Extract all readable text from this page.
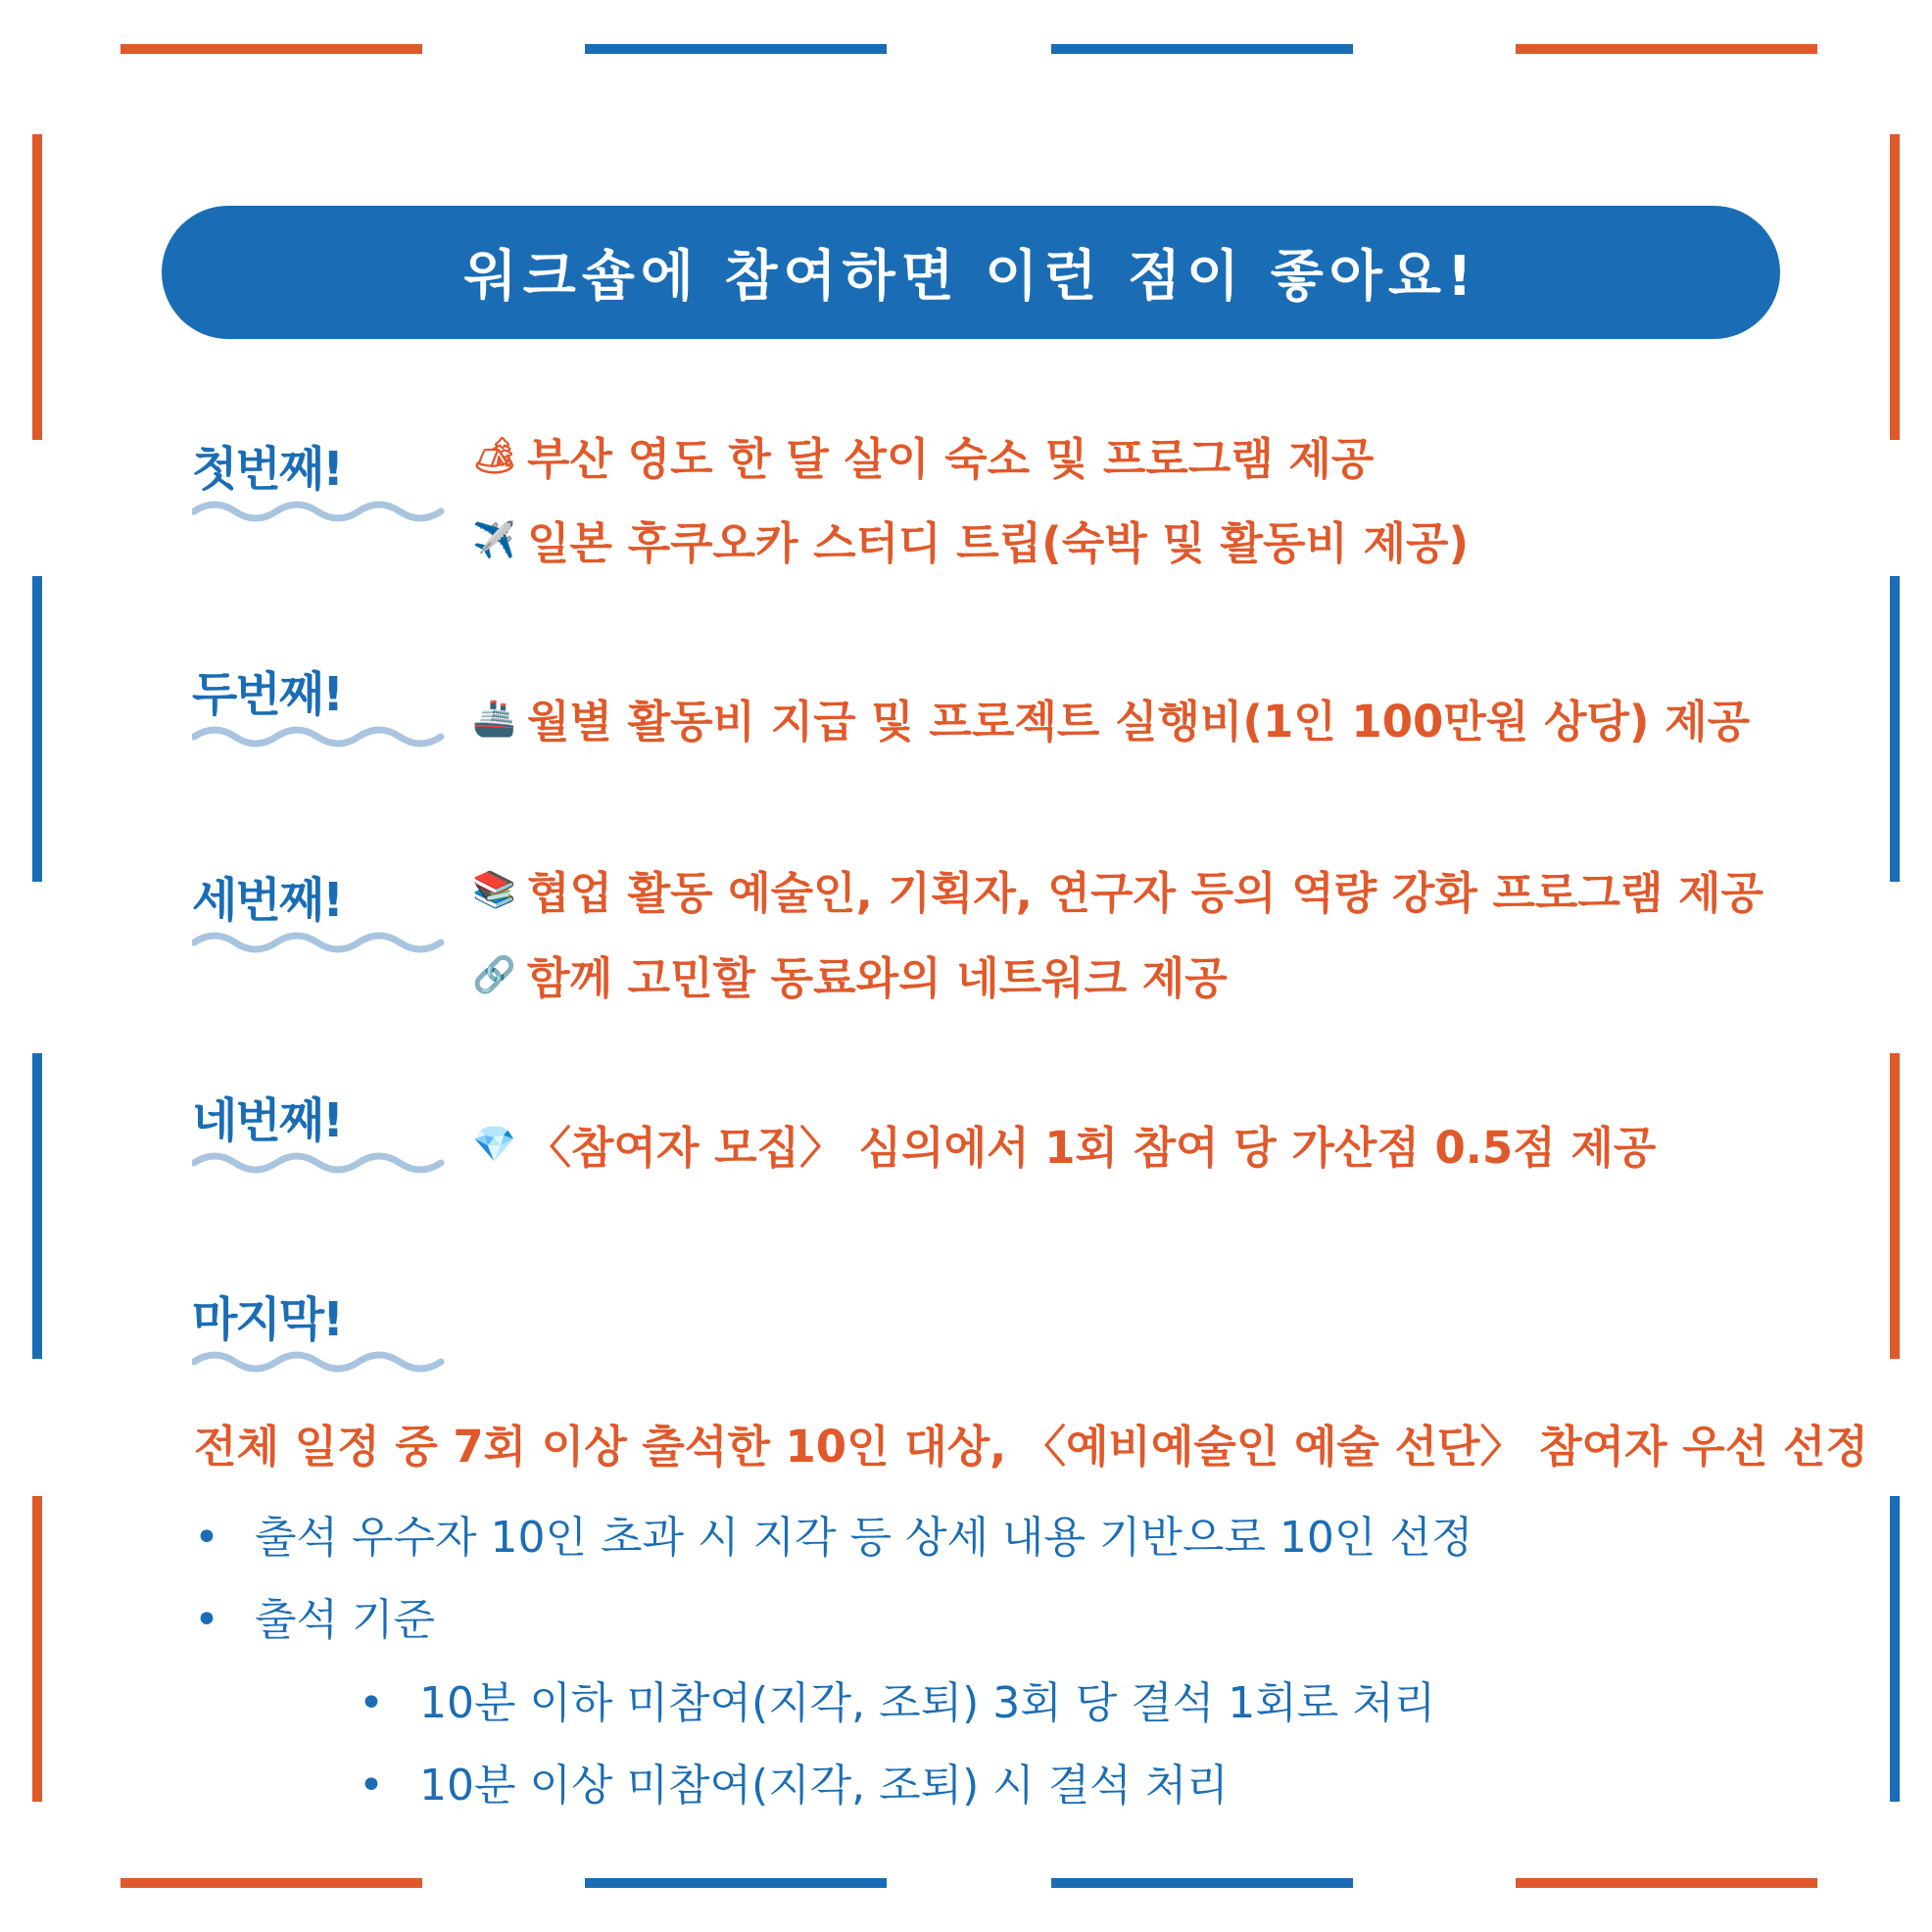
워크숍에 참여하면 이런 점이 좋아요!
첫번째!	🏕 부산 영도 한 달 살이 숙소 및 프로그램 제공
✈️ 일본 후쿠오카 스터디 트립(숙박 및 활동비 제공)
두번째!	🚢 월별 활동비 지급 및 프로젝트 실행비(1인 100만원 상당) 제공
세번째!	📚 협업 활동 예술인, 기획자, 연구자 등의 역량 강화 프로그램 제공
🔗 함께 고민할 동료와의 네트워크 제공
네번째!	💎 〈참여자 모집〉 심의에서 1회 참여 당 가산점 0.5점 제공
마지막!
전체 일정 중 7회 이상 출석한 10인 대상, 〈예비예술인 예술 선단〉 참여자 우선 선정
• 출석 우수자 10인 초과 시 지각 등 상세 내용 기반으로 10인 선정
• 출석 기준
• 10분 이하 미참여(지각, 조퇴) 3회 당 결석 1회로 처리
• 10분 이상 미참여(지각, 조퇴) 시 결석 처리
